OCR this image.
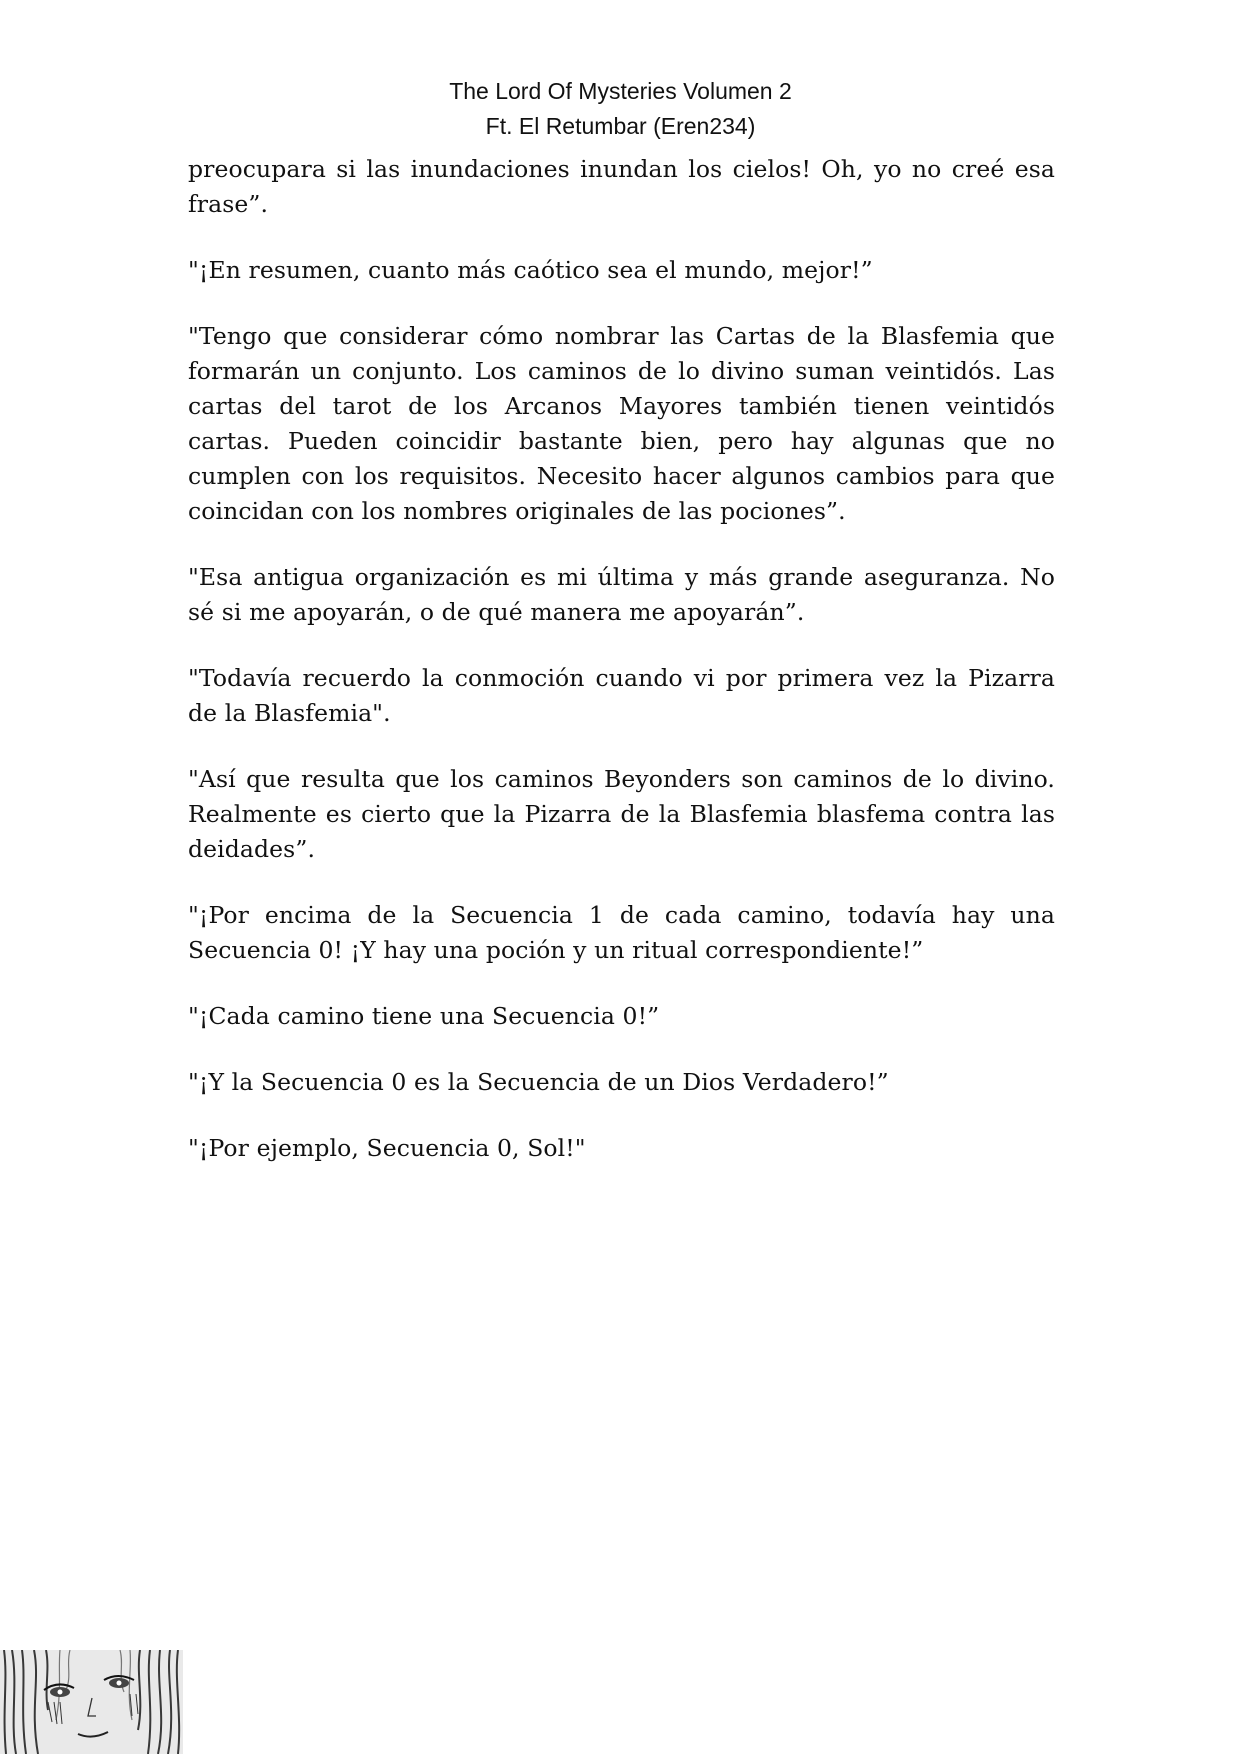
The Lord Of Mysteries Volumen 2
Ft. El Retumbar (Eren234)

preocupara si las inundaciones inundan los cielos! Oh, yo no creé esa frase”.

"¡En resumen, cuanto más caótico sea el mundo, mejor!”

"Tengo que considerar cómo nombrar las Cartas de la Blasfemia que formarán un conjunto. Los caminos de lo divino suman veintidós. Las cartas del tarot de los Arcanos Mayores también tienen veintidós cartas. Pueden coincidir bastante bien, pero hay algunas que no cumplen con los requisitos. Necesito hacer algunos cambios para que coincidan con los nombres originales de las pociones”.

"Esa antigua organización es mi última y más grande aseguranza. No sé si me apoyarán, o de qué manera me apoyarán”.

"Todavía recuerdo la conmoción cuando vi por primera vez la Pizarra de la Blasfemia".

"Así que resulta que los caminos Beyonders son caminos de lo divino. Realmente es cierto que la Pizarra de la Blasfemia blasfema contra las deidades”.

"¡Por encima de la Secuencia 1 de cada camino, todavía hay una Secuencia 0! ¡Y hay una poción y un ritual correspondiente!”

"¡Cada camino tiene una Secuencia 0!”

"¡Y la Secuencia 0 es la Secuencia de un Dios Verdadero!”

"¡Por ejemplo, Secuencia 0, Sol!"
